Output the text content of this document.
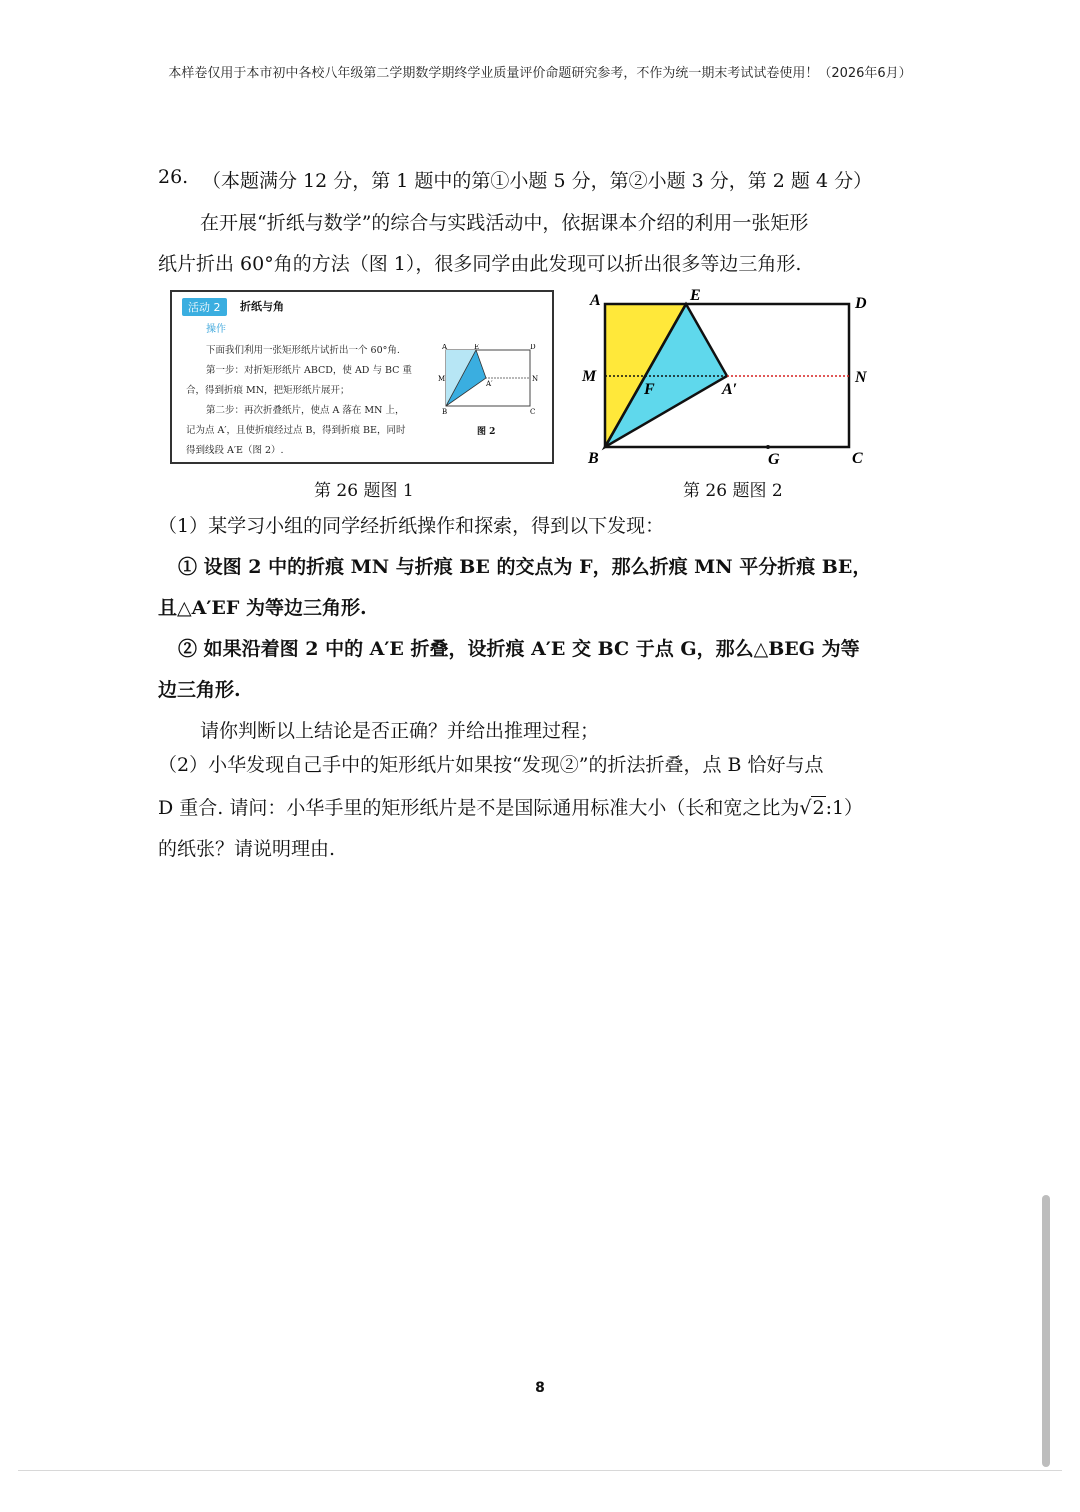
本样卷仅用于本市初中各校八年级第二学期数学期终学业质量评价命题研究参考，不作为统一期末考试试卷使用！（2026年6月）
26. （本题满分 12 分，第 1 题中的第①小题 5 分，第②小题 3 分，第 2 题 4 分）
在开展“折纸与数学”的综合与实践活动中，依据课本介绍的利用一张矩形
纸片折出 60°角的方法（图 1），很多同学由此发现可以折出很多等边三角形.
活动 2	折纸与角
操作
下面我们利用一张矩形纸片试折出一个 60°角.
第一步：对折矩形纸片 ABCD，使 AD 与 BC 重
合，得到折痕 MN，把矩形纸片展开；
第二步：再次折叠纸片，使点 A 落在 MN 上，
记为点 A′，且使折痕经过点 B，得到折痕 BE，同时
得到线段 A′E（图 2）.
A	E	D
M
A′
N
B	C
图 2
第 26 题图 1
A	E	D
M
F	A′
N
B	G	C
第 26 题图 2
（1）某学习小组的同学经折纸操作和探索，得到以下发现：
① 设图 2 中的折痕 MN 与折痕 BE 的交点为 F，那么折痕 MN 平分折痕 BE，
且△A′EF 为等边三角形.
② 如果沿着图 2 中的 A′E 折叠，设折痕 A′E 交 BC 于点 G，那么△BEG 为等
边三角形.
请你判断以上结论是否正确？并给出推理过程；
（2）小华发现自己手中的矩形纸片如果按“发现②”的折法折叠，点 B 恰好与点
D 重合. 请问：小华手里的矩形纸片是不是国际通用标准大小（长和宽之比为√2:1）
的纸张？请说明理由.
8
